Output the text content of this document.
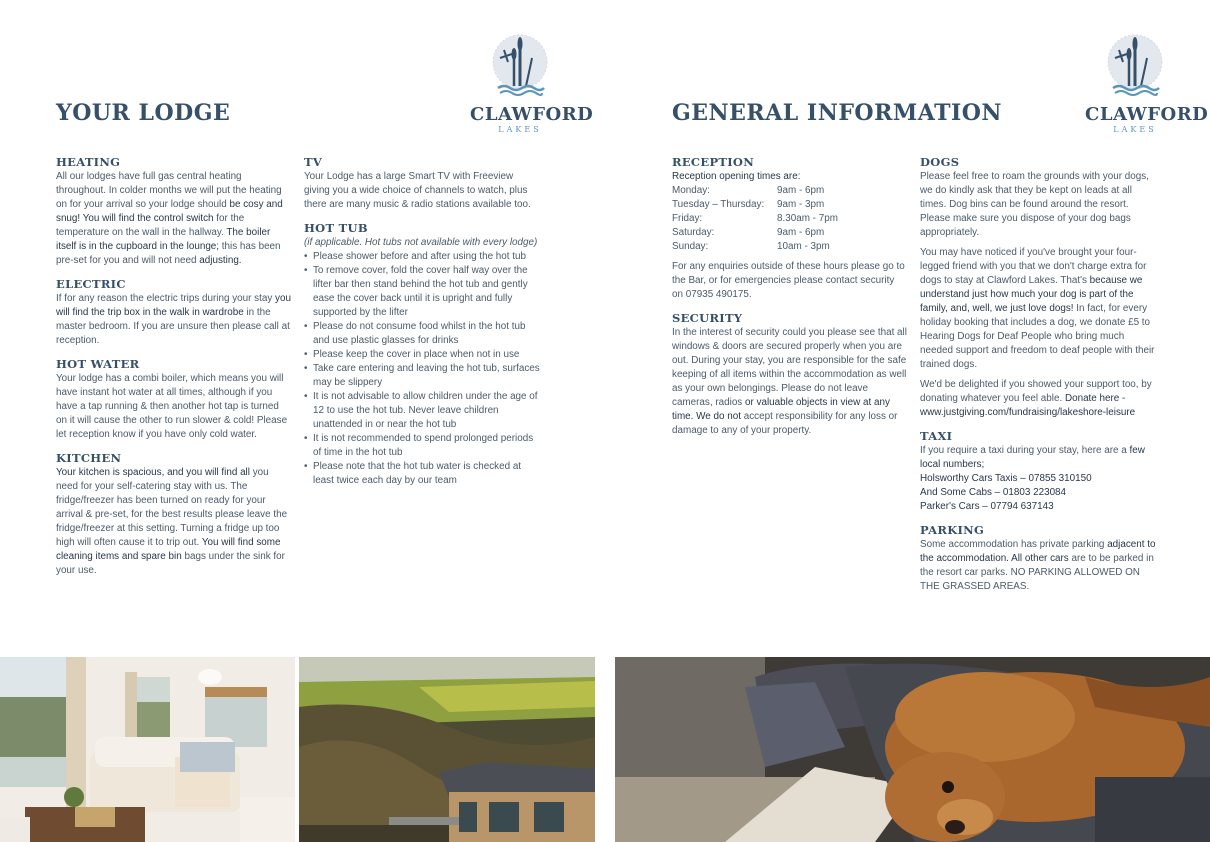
YOUR LODGE	CLAWFORD
LAKES
HEATING

All our lodges have full gas central heating throughout. In colder months we will put the heating on for your arrival so your lodge should be cosy and snug! You will find the control switch for the temperature on the wall in the hallway. The boiler itself is in the cupboard in the lounge; this has been pre-set for you and will not need adjusting.

ELECTRIC

If for any reason the electric trips during your stay you will find the trip box in the walk in wardrobe in the master bedroom. If you are unsure then please call at reception.

HOT WATER

Your lodge has a combi boiler, which means you will have instant hot water at all times, although if you have a tap running & then another hot tap is turned on it will cause the other to run slower & cold! Please let reception know if you have only cold water.

KITCHEN

Your kitchen is spacious, and you will find all you need for your self-catering stay with us. The fridge/freezer has been turned on ready for your arrival & pre-set, for the best results please leave the fridge/freezer at this setting. Turning a fridge up too high will often cause it to trip out. You will find some cleaning items and spare bin bags under the sink for your use.

TV

Your Lodge has a large Smart TV with Freeview giving you a wide choice of channels to watch, plus there are many music & radio stations available too.

HOT TUB

(if applicable. Hot tubs not available with every lodge)

• Please shower before and after using the hot tub
• To remove cover, fold the cover half way over the lifter bar then stand behind the hot tub and gently ease the cover back until it is upright and fully supported by the lifter
• Please do not consume food whilst in the hot tub and use plastic glasses for drinks
• Please keep the cover in place when not in use
• Take care entering and leaving the hot tub, surfaces may be slippery
• It is not advisable to allow children under the age of 12 to use the hot tub. Never leave children unattended in or near the hot tub
• It is not recommended to spend prolonged periods of time in the hot tub
• Please note that the hot tub water is checked at least twice each day by our team
GENERAL INFORMATION	CLAWFORD
LAKES
RECEPTION

Reception opening times are:

Monday:	9am - 6pm
Tuesday – Thursday:	9am - 3pm
Friday:	8.30am - 7pm
Saturday:	9am - 6pm
Sunday:	10am - 3pm

For any enquiries outside of these hours please go to the Bar, or for emergencies please contact security on 07935 490175.

SECURITY

In the interest of security could you please see that all windows & doors are secured properly when you are out. During your stay, you are responsible for the safe keeping of all items within the accommodation as well as your own belongings. Please do not leave cameras, radios or valuable objects in view at any time. We do not accept responsibility for any loss or damage to any of your property.

DOGS

Please feel free to roam the grounds with your dogs, we do kindly ask that they be kept on leads at all times. Dog bins can be found around the resort. Please make sure you dispose of your dog bags appropriately.

You may have noticed if you've brought your four-legged friend with you that we don't charge extra for dogs to stay at Clawford Lakes. That's because we understand just how much your dog is part of the family, and, well, we just love dogs! In fact, for every holiday booking that includes a dog, we donate £5 to Hearing Dogs for Deaf People who bring much needed support and freedom to deaf people with their trained dogs.

We'd be delighted if you showed your support too, by donating whatever you feel able. Donate here - www.justgiving.com/fundraising/lakeshore-leisure

TAXI

If you require a taxi during your stay, here are a few local numbers;

Holsworthy Cars Taxis – 07855 310150

And Some Cabs – 01803 223084

Parker's Cars – 07794 637143

PARKING

Some accommodation has private parking adjacent to the accommodation. All other cars are to be parked in the resort car parks. NO PARKING ALLOWED ON THE GRASSED AREAS.
